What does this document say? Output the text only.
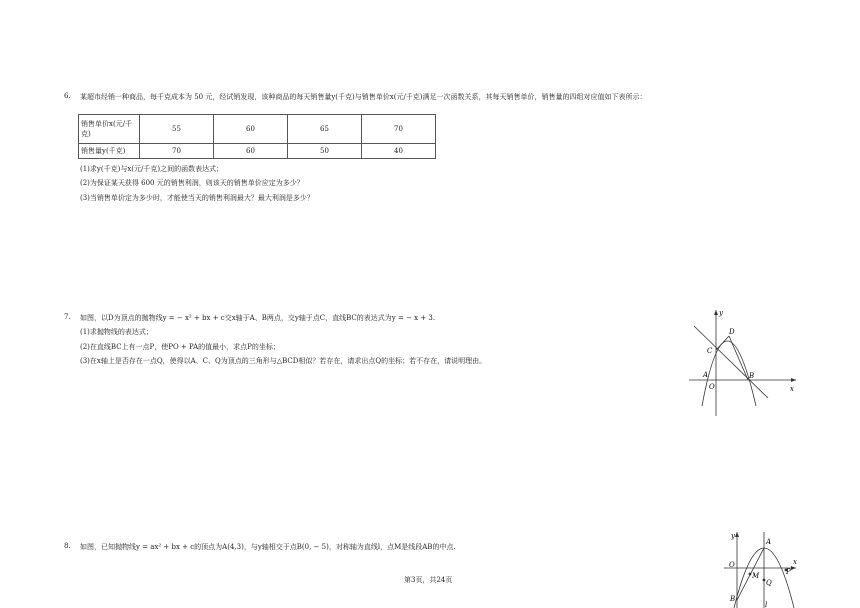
6. 某超市经销一种商品，每千克成本为 50 元，经试销发现，该种商品的每天销售量y(千克)与销售单价x(元/千克)满足一次函数关系，其每天销售单价，销售量的四组对应值如下表所示：
销售单价x(元/千
克)	55	60	65	70
销售量y(千克)	70	60	50	40
(1)求y(千克)与x(元/千克)之间的函数表达式；
(2)为保证某天获得 600 元的销售利润，则该天的销售单价应定为多少？
(3)当销售单价定为多少时，才能使当天的销售利润最大？最大利润是多少？
7. 如图，以D为顶点的抛物线y = − x² + bx + c交x轴于A、B两点，交y轴于点C，直线BC的表达式为y = − x + 3.
(1)求抛物线的表达式；
(2)在直线BC上有一点P，使PO + PA的值最小，求点P的坐标；
(3)在x轴上是否存在一点Q，使得以A、C、Q为顶点的三角形与△BCD相似？若存在，请求出点Q的坐标；若不存在，请说明理由。
y
x
D
C
A
O
B
8. 如图，已知抛物线y = ax² + bx + c的顶点为A(4,3)，与y轴相交于点B(0, − 5)，对称轴为直线l，点M是线段AB的中点.
y
x
A
O
M
Q
P
B
l
第3页，共24页
